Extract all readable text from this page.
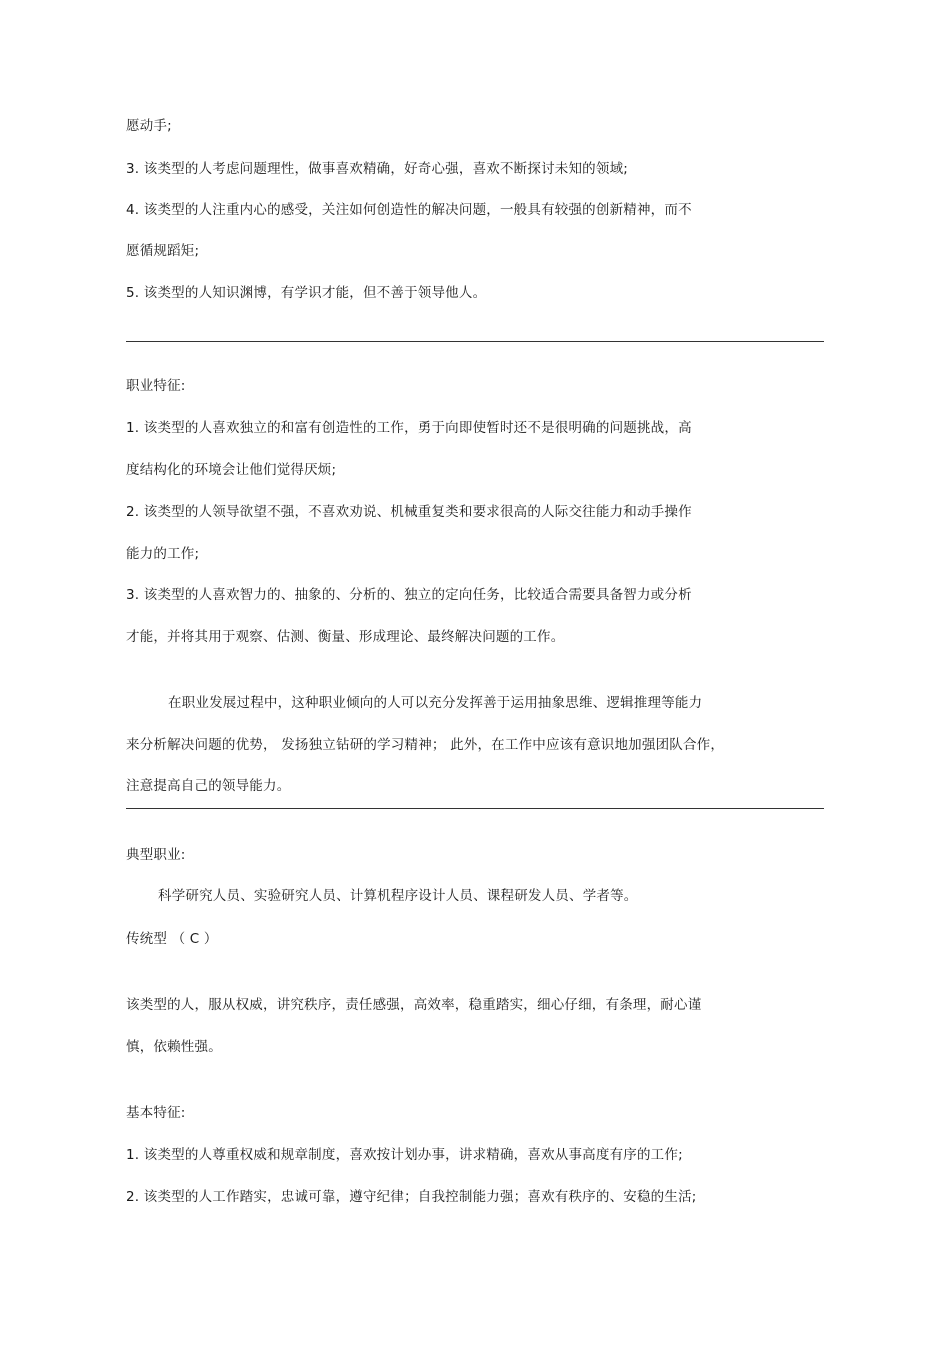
愿动手;
3. 该类型的人考虑问题理性，做事喜欢精确，好奇心强，喜欢不断探讨未知的领域;
4. 该类型的人注重内心的感受，关注如何创造性的解决问题，一般具有较强的创新精神，而不
愿循规蹈矩;
5. 该类型的人知识渊博，有学识才能，但不善于领导他人。
职业特征:
1. 该类型的人喜欢独立的和富有创造性的工作，勇于向即使暂时还不是很明确的问题挑战，高
度结构化的环境会让他们觉得厌烦;
2. 该类型的人领导欲望不强，不喜欢劝说、机械重复类和要求很高的人际交往能力和动手操作
能力的工作;
3. 该类型的人喜欢智力的、抽象的、分析的、独立的定向任务，比较适合需要具备智力或分析
才能，并将其用于观察、估测、衡量、形成理论、最终解决问题的工作。
在职业发展过程中，这种职业倾向的人可以充分发挥善于运用抽象思维、逻辑推理等能力
来分析解决问题的优势， 发扬独立钻研的学习精神； 此外，在工作中应该有意识地加强团队合作，
注意提高自己的领导能力。
典型职业:
科学研究人员、实验研究人员、计算机程序设计人员、课程研发人员、学者等。
传统型 （ C ）
该类型的人，服从权威，讲究秩序，责任感强，高效率，稳重踏实，细心仔细，有条理，耐心谨
慎，依赖性强。
基本特征:
1. 该类型的人尊重权威和规章制度，喜欢按计划办事，讲求精确，喜欢从事高度有序的工作;
2. 该类型的人工作踏实，忠诚可靠，遵守纪律；自我控制能力强；喜欢有秩序的、安稳的生活;
